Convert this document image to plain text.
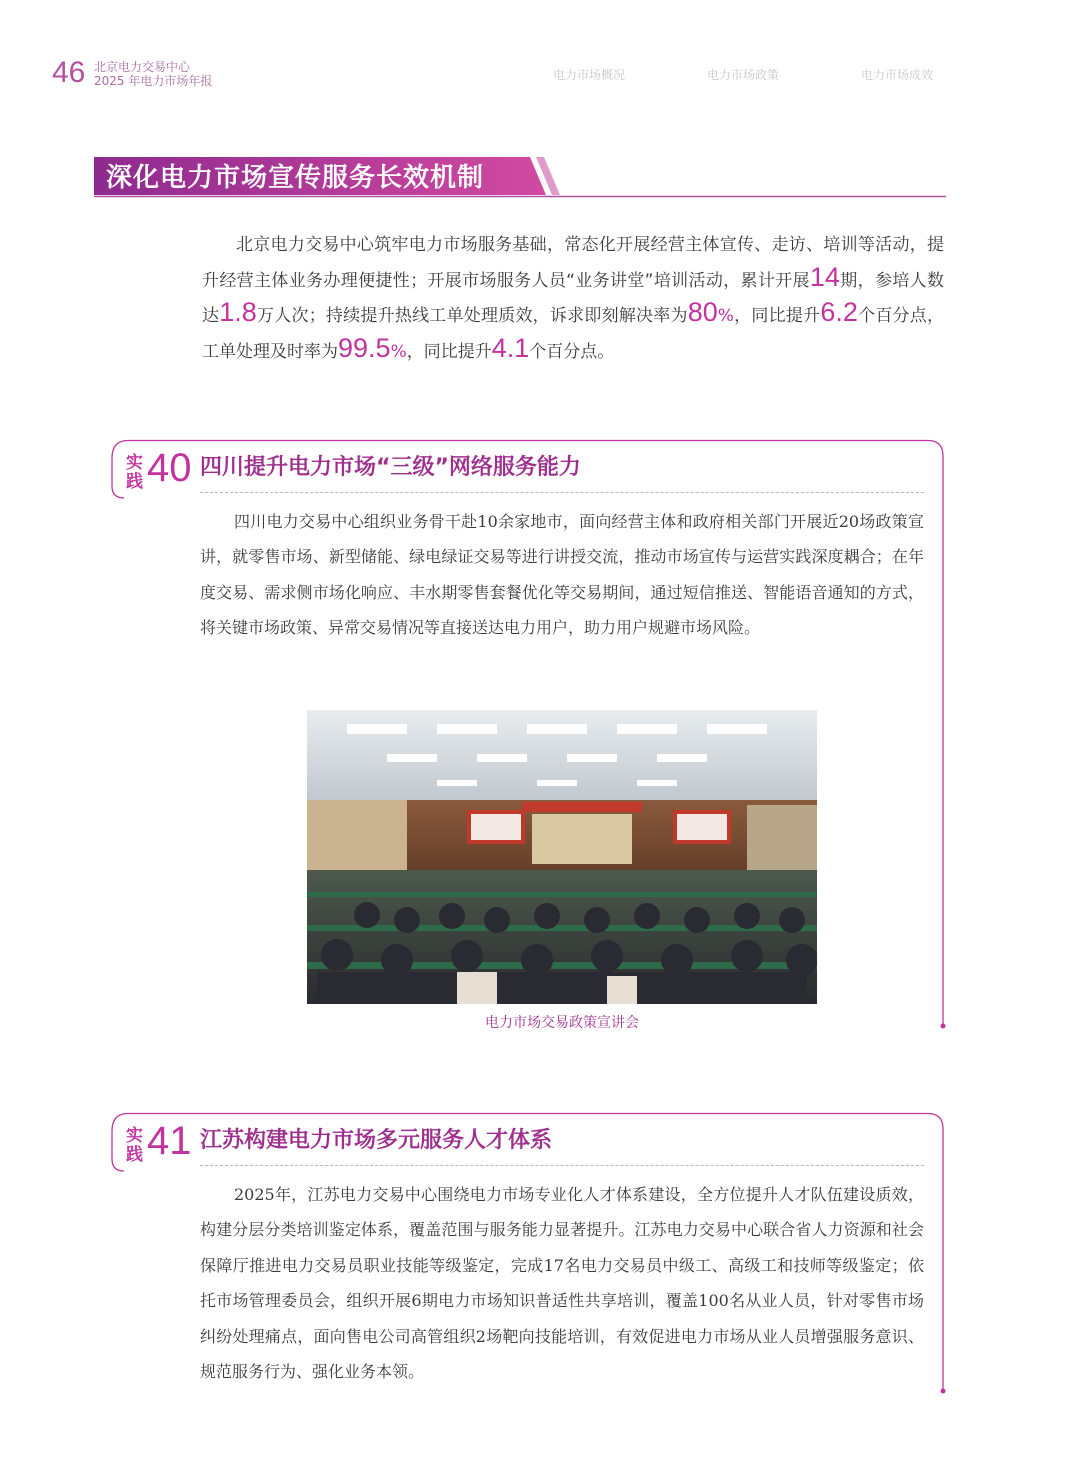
46 北京电力交易中心
2025 年电力市场年报	电力市场概况	电力市场政策	电力市场成效
深化电力市场宣传服务长效机制

北京电力交易中心筑牢电力市场服务基础，常态化开展经营主体宣传、走访、培训等活动，提升经营主体业务办理便捷性；开展市场服务人员“业务讲堂”培训活动，累计开展14期，参培人数达1.8万人次；持续提升热线工单处理质效，诉求即刻解决率为80%，同比提升6.2个百分点，工单处理及时率为99.5%，同比提升4.1个百分点。

实践 40 四川提升电力市场“三级”网络服务能力

四川电力交易中心组织业务骨干赴10余家地市，面向经营主体和政府相关部门开展近20场政策宣讲，就零售市场、新型储能、绿电绿证交易等进行讲授交流，推动市场宣传与运营实践深度耦合；在年度交易、需求侧市场化响应、丰水期零售套餐优化等交易期间，通过短信推送、智能语音通知的方式，将关键市场政策、异常交易情况等直接送达电力用户，助力用户规避市场风险。

电力市场交易政策宣讲会
实践 41 江苏构建电力市场多元服务人才体系

2025年，江苏电力交易中心围绕电力市场专业化人才体系建设，全方位提升人才队伍建设质效，构建分层分类培训鉴定体系，覆盖范围与服务能力显著提升。江苏电力交易中心联合省人力资源和社会保障厅推进电力交易员职业技能等级鉴定，完成17名电力交易员中级工、高级工和技师等级鉴定；依托市场管理委员会，组织开展6期电力市场知识普适性共享培训，覆盖100名从业人员，针对零售市场纠纷处理痛点，面向售电公司高管组织2场靶向技能培训，有效促进电力市场从业人员增强服务意识、规范服务行为、强化业务本领。
